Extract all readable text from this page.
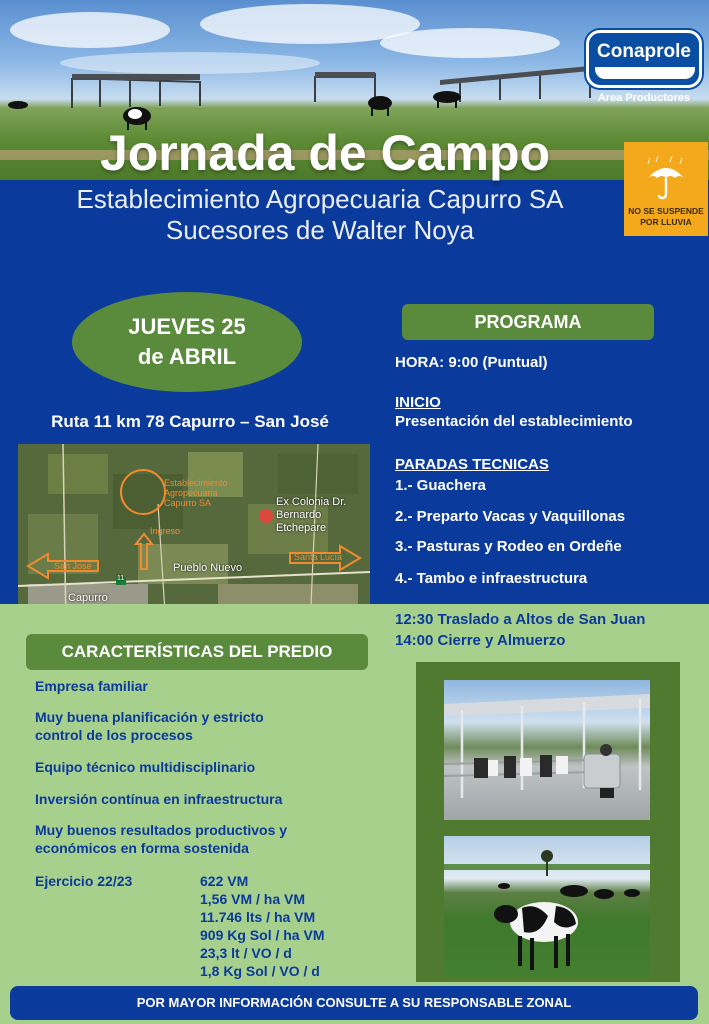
Conaprole
Area Productores
Jornada de Campo
Establecimiento Agropecuaria Capurro SA
Sucesores de Walter Noya
NO SE SUSPENDE
POR LLUVIA
JUEVES 25
de ABRIL
Ruta 11 km 78 Capurro – San José
Establecimiento
Agropecuaria
Capurro SA	Ex Colonia Dr.
Bernardo Etchepare
Ingreso
San José
Santa Lucía
Pueblo Nuevo
Capurro
11
PROGRAMA
HORA: 9:00 (Puntual)
INICIO
Presentación del establecimiento
PARADAS TECNICAS
1.- Guachera
2.- Preparto Vacas y Vaquillonas
3.- Pasturas y Rodeo en Ordeñe
4.- Tambo e infraestructura
12:30 Traslado a Altos de San Juan
14:00 Cierre y Almuerzo
CARACTERÍSTICAS DEL PREDIO
Empresa familiar
Muy buena planificación y estricto
control de los procesos
Equipo técnico multidisciplinario
Inversión contínua en infraestructura
Muy buenos resultados productivos y
económicos en forma sostenida
Ejercicio 22/23	622 VM
1,56 VM / ha VM
11.746 lts / ha VM
909 Kg Sol / ha VM
23,3 lt / VO / d
1,8 Kg Sol / VO / d
POR MAYOR INFORMACIÓN CONSULTE A SU RESPONSABLE ZONAL
